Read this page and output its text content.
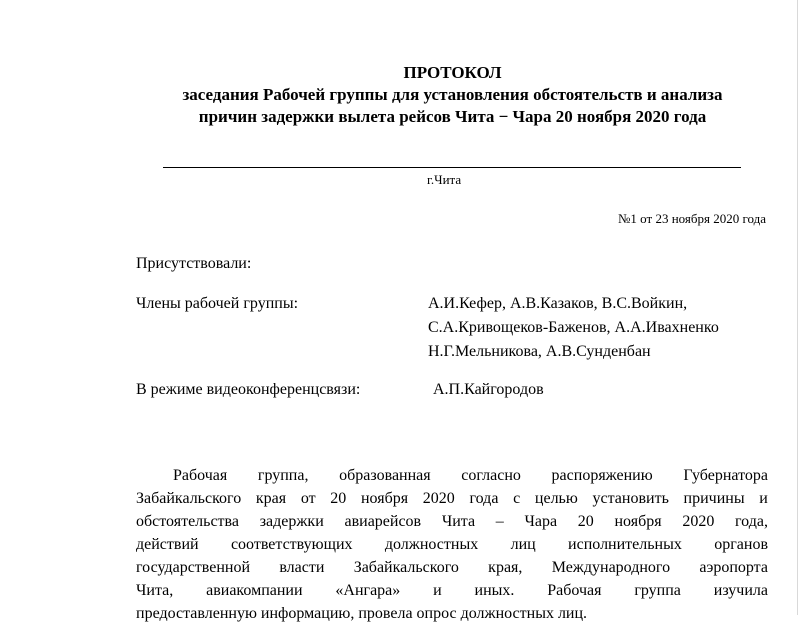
ПРОТОКОЛ
заседания Рабочей группы для установления обстоятельств и анализа
причин задержки вылета рейсов Чита − Чара 20 ноября 2020 года
г.Чита
№1 от 23 ноября 2020 года
Присутствовали:
Члены рабочей группы:	А.И.Кефер, А.В.Казаков, В.С.Войкин,
С.А.Кривощеков-Баженов, А.А.Ивахненко
Н.Г.Мельникова, А.В.Сунденбан
В режиме видеоконференцсвязи:	А.П.Кайгородов
Рабочая группа, образованная согласно распоряжению Губернатора
Забайкальского края от 20 ноября 2020 года с целью установить причины и
обстоятельства задержки авиарейсов Чита – Чара 20 ноября 2020 года,
действий соответствующих должностных лиц исполнительных органов
государственной власти Забайкальского края, Международного аэропорта
Чита, авиакомпании «Ангара» и иных. Рабочая группа изучила
предоставленную информацию, провела опрос должностных лиц.
